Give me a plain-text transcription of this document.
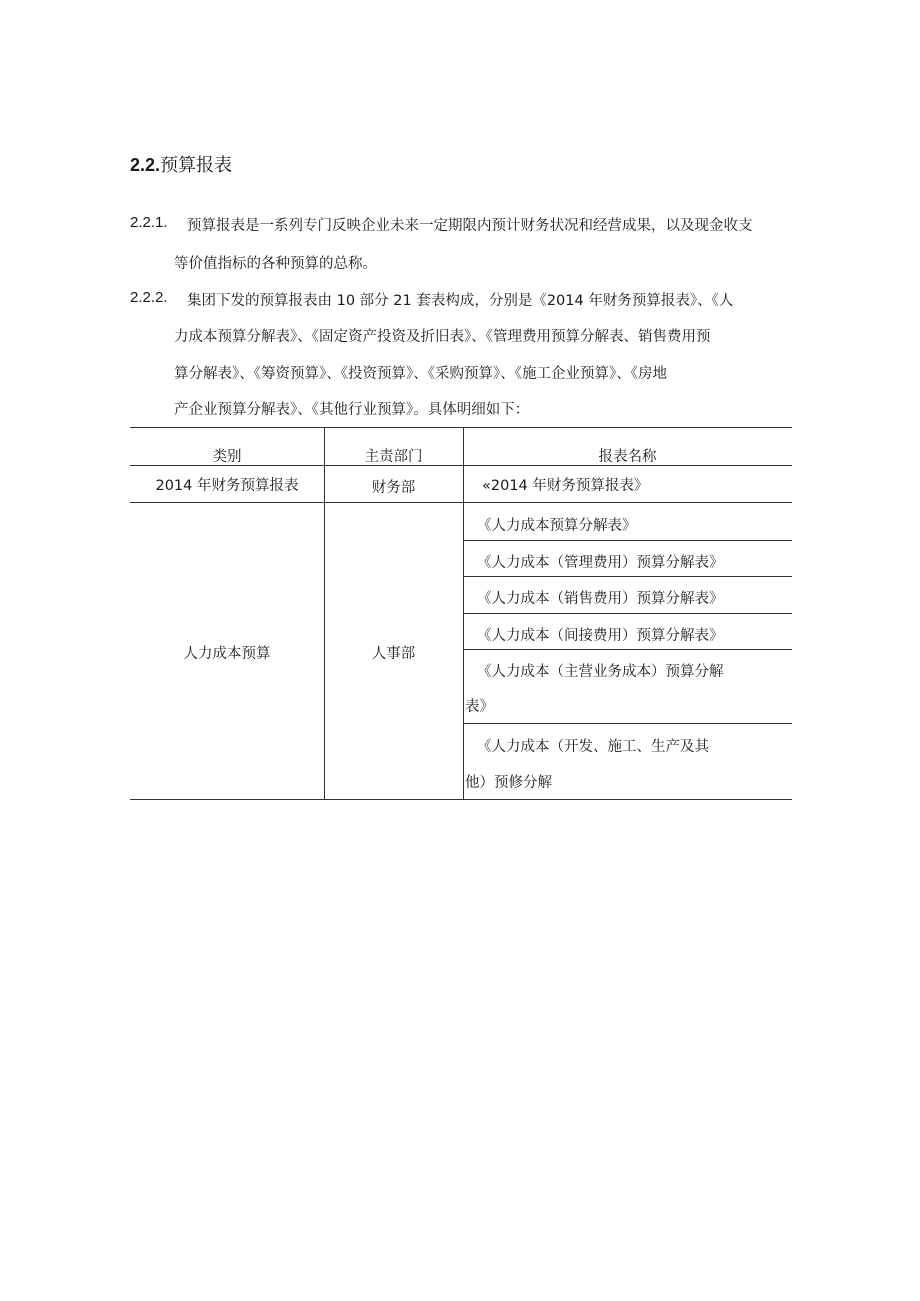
2.2.预算报表
2.2.1. 预算报表是一系列专门反映企业未来一定期限内预计财务状况和经营成果，以及现金收支
等价值指标的各种预算的总称。
2.2.2. 集团下发的预算报表由 10 部分 21 套表构成，分别是《2014 年财务预算报表》、《人
力成本预算分解表》、《固定资产投资及折旧表》、《管理费用预算分解表、销售费用预
算分解表》、《筹资预算》、《投资预算》、《采购预算》、《施工企业预算》、《房地
产企业预算分解表》、《其他行业预算》。具体明细如下：
类别	主责部门	报表名称
2014 年财务预算报表	财务部	«2014 年财务预算报表》
人力成本预算	人事部
《人力成本预算分解表》
《人力成本（管理费用）预算分解表》
《人力成本（销售费用）预算分解表》
《人力成本（间接费用）预算分解表》
《人力成本（主营业务成本）预算分解
表》
《人力成本（开发、施工、生产及其
他）预修分解
